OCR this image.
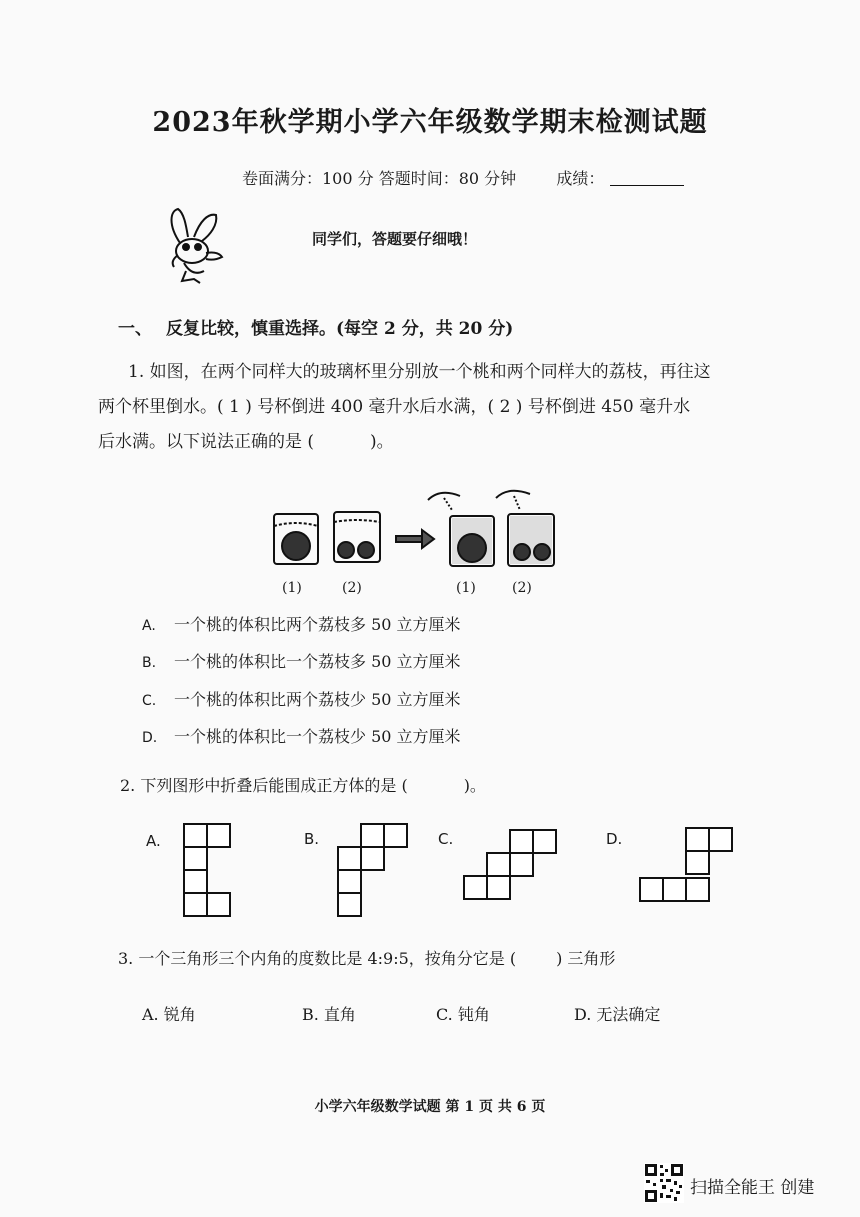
2023年秋学期小学六年级数学期末检测试题
卷面满分：100 分 答题时间：80 分钟	成绩：
同学们，答题要仔细哦！
一、 反复比较，慎重选择。(每空 2 分，共 20 分)
1. 如图，在两个同样大的玻璃杯里分别放一个桃和两个同样大的荔枝，再往这
两个杯里倒水。( 1 ) 号杯倒进 400 毫升水后水满，( 2 ) 号杯倒进 450 毫升水
后水满。以下说法正确的是 (	)。
(1)	(2)	(1)	(2)
A. 一个桃的体积比两个荔枝多 50 立方厘米
B. 一个桃的体积比一个荔枝多 50 立方厘米
C. 一个桃的体积比两个荔枝少 50 立方厘米
D. 一个桃的体积比一个荔枝少 50 立方厘米
2. 下列图形中折叠后能围成正方体的是 (	)。
A.	B.	C.	D.
3. 一个三角形三个内角的度数比是 4:9:5，按角分它是 (	) 三角形
A. 锐角	B. 直角	C. 钝角	D. 无法确定
小学六年级数学试题 第 1 页 共 6 页
扫描全能王 创建
